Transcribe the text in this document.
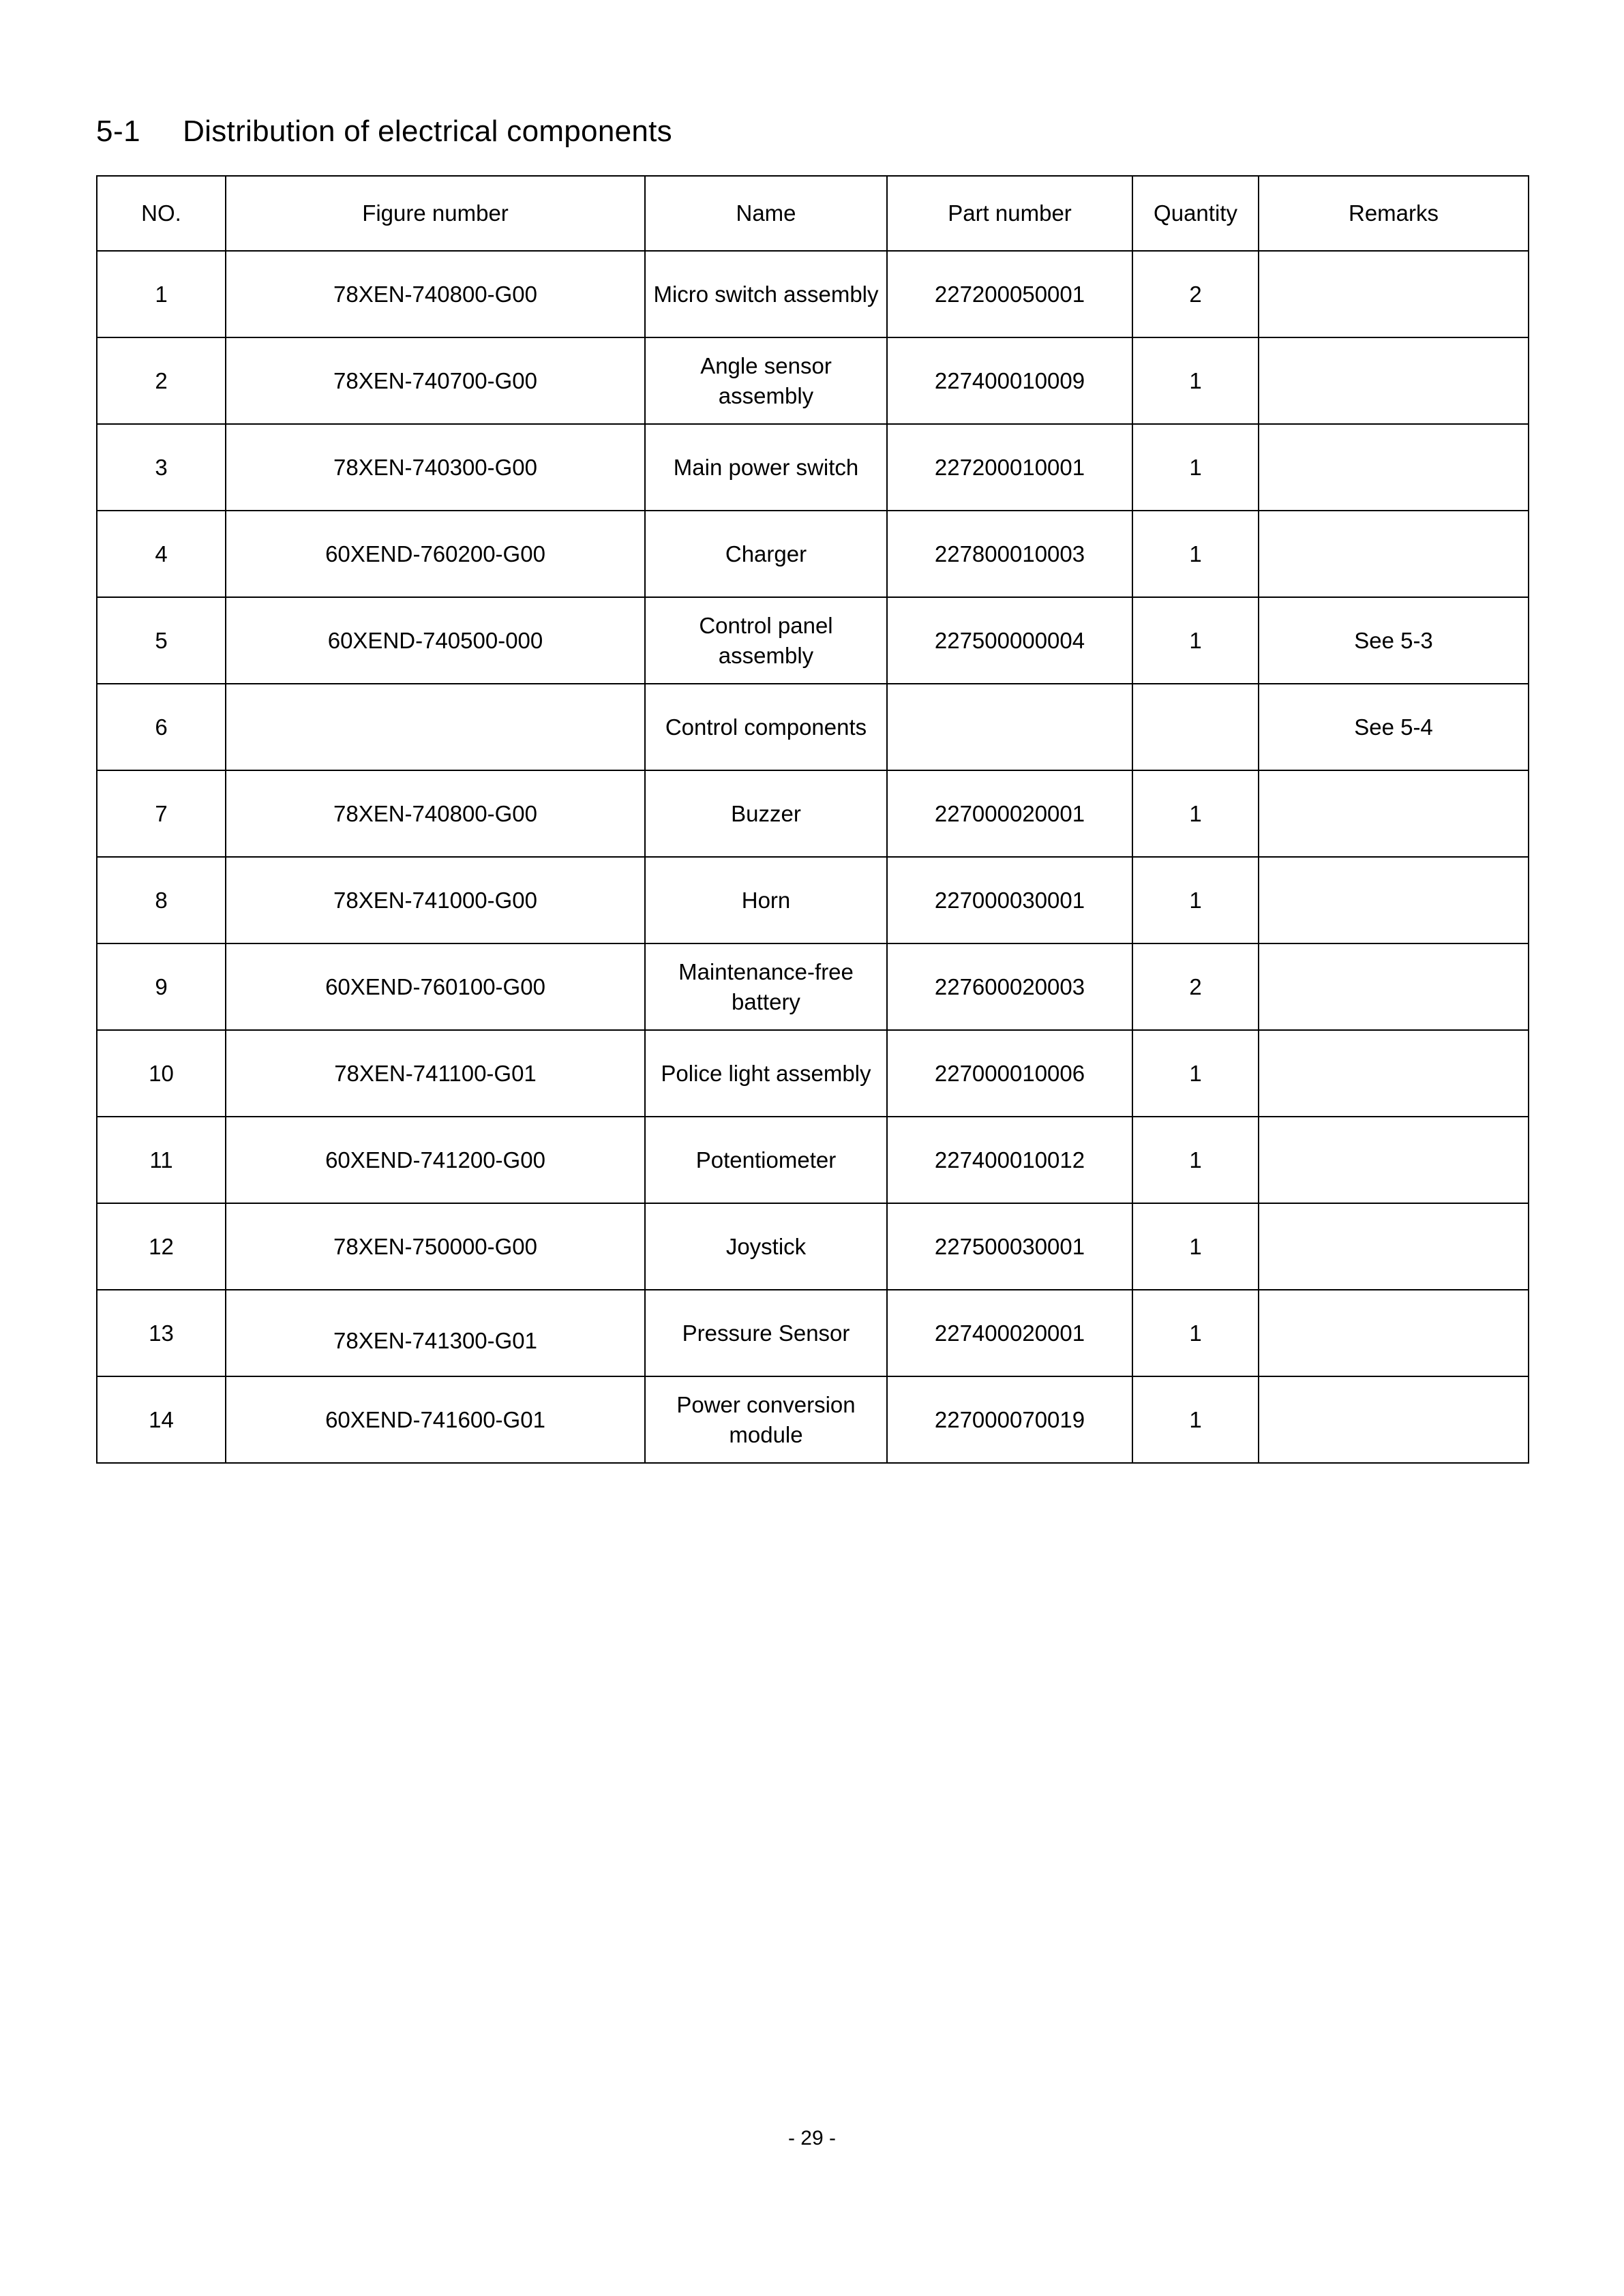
5-1 Distribution of electrical components
NO.	Figure number	Name	Part number	Quantity	Remarks
1	78XEN-740800-G00	Micro switch assembly	227200050001	2	
2	78XEN-740700-G00	Angle sensor assembly	227400010009	1	
3	78XEN-740300-G00	Main power switch	227200010001	1	
4	60XEND-760200-G00	Charger	227800010003	1	
5	60XEND-740500-000	Control panel assembly	227500000004	1	See 5-3
6		Control components			See 5-4
7	78XEN-740800-G00	Buzzer	227000020001	1	
8	78XEN-741000-G00	Horn	227000030001	1	
9	60XEND-760100-G00	Maintenance-free battery	227600020003	2	
10	78XEN-741100-G01	Police light assembly	227000010006	1	
11	60XEND-741200-G00	Potentiometer	227400010012	1	
12	78XEN-750000-G00	Joystick	227500030001	1	
13	78XEN-741300-G01	Pressure Sensor	227400020001	1	
14	60XEND-741600-G01	Power conversion module	227000070019	1	
- 29 -
